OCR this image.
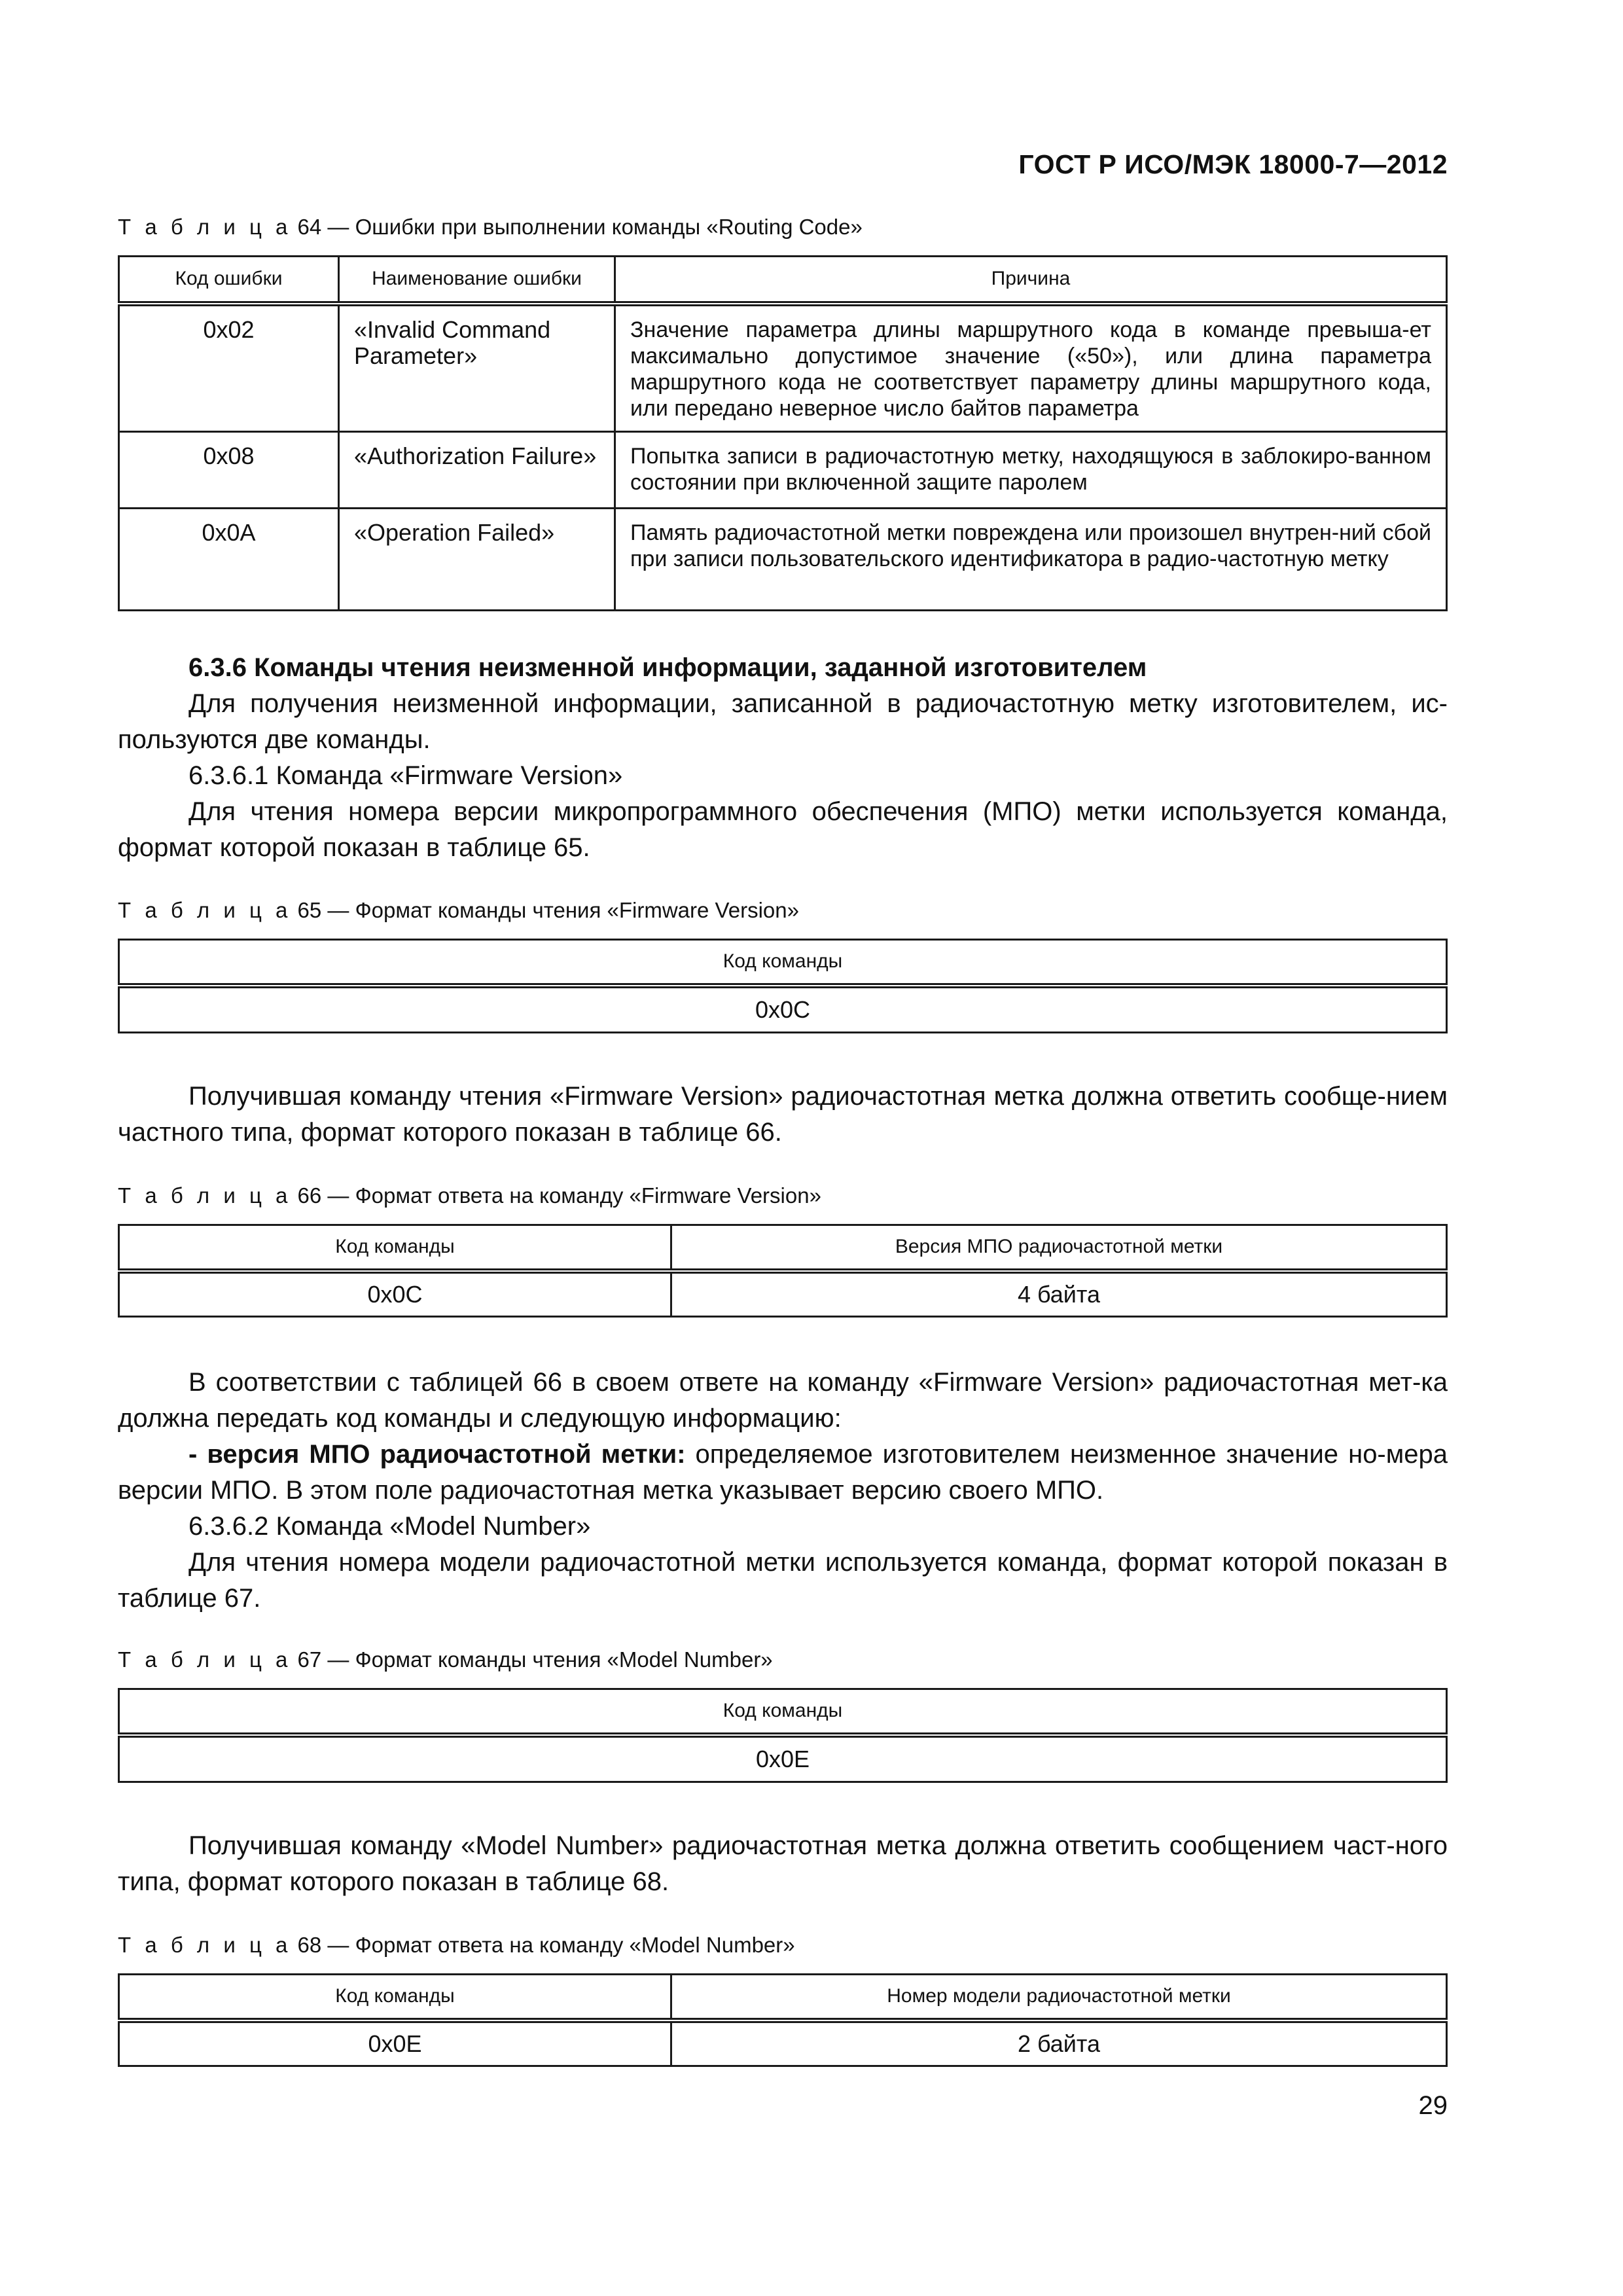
ГОСТ Р ИСО/МЭК 18000-7—2012
Т а б л и ц а 64 — Ошибки при выполнении команды «Routing Code»
Код ошибки	Наименование ошибки	Причина

0x02	«Invalid Command Parameter»	Значение параметра длины маршрутного кода в команде превыша-ет максимально допустимое значение («50»), или длина параметра маршрутного кода не соответствует параметру длины маршрутного кода, или передано неверное число байтов параметра

0x08	«Authorization Failure»	Попытка записи в радиочастотную метку, находящуюся в заблокиро-ванном состоянии при включенной защите паролем

0x0A	«Operation Failed»	Память радиочастотной метки повреждена или произошел внутрен-ний сбой при записи пользовательского идентификатора в радио-частотную метку

6.3.6 Команды чтения неизменной информации, заданной изготовителем

Для получения неизменной информации, записанной в радиочастотную метку изготовителем, ис-пользуются две команды.

6.3.6.1 Команда «Firmware Version»

Для чтения номера версии микропрограммного обеспечения (МПО) метки используется команда, формат которой показан в таблице 65.

Т а б л и ц а 65 — Формат команды чтения «Firmware Version»
Код команды
0x0C

Получившая команду чтения «Firmware Version» радиочастотная метка должна ответить сообще-нием частного типа, формат которого показан в таблице 66.

Т а б л и ц а 66 — Формат ответа на команду «Firmware Version»
Код команды	Версия МПО радиочастотной метки
0x0C	4 байта

В соответствии с таблицей 66 в своем ответе на команду «Firmware Version» радиочастотная мет-ка должна передать код команды и следующую информацию:

- версия МПО радиочастотной метки: определяемое изготовителем неизменное значение но-мера версии МПО. В этом поле радиочастотная метка указывает версию своего МПО.

6.3.6.2 Команда «Model Number»

Для чтения номера модели радиочастотной метки используется команда, формат которой показан в таблице 67.

Т а б л и ц а 67 — Формат команды чтения «Model Number»
Код команды
0x0E

Получившая команду «Model Number» радиочастотная метка должна ответить сообщением част-ного типа, формат которого показан в таблице 68.

Т а б л и ц а 68 — Формат ответа на команду «Model Number»
Код команды	Номер модели радиочастотной метки
0x0E	2 байта
29
